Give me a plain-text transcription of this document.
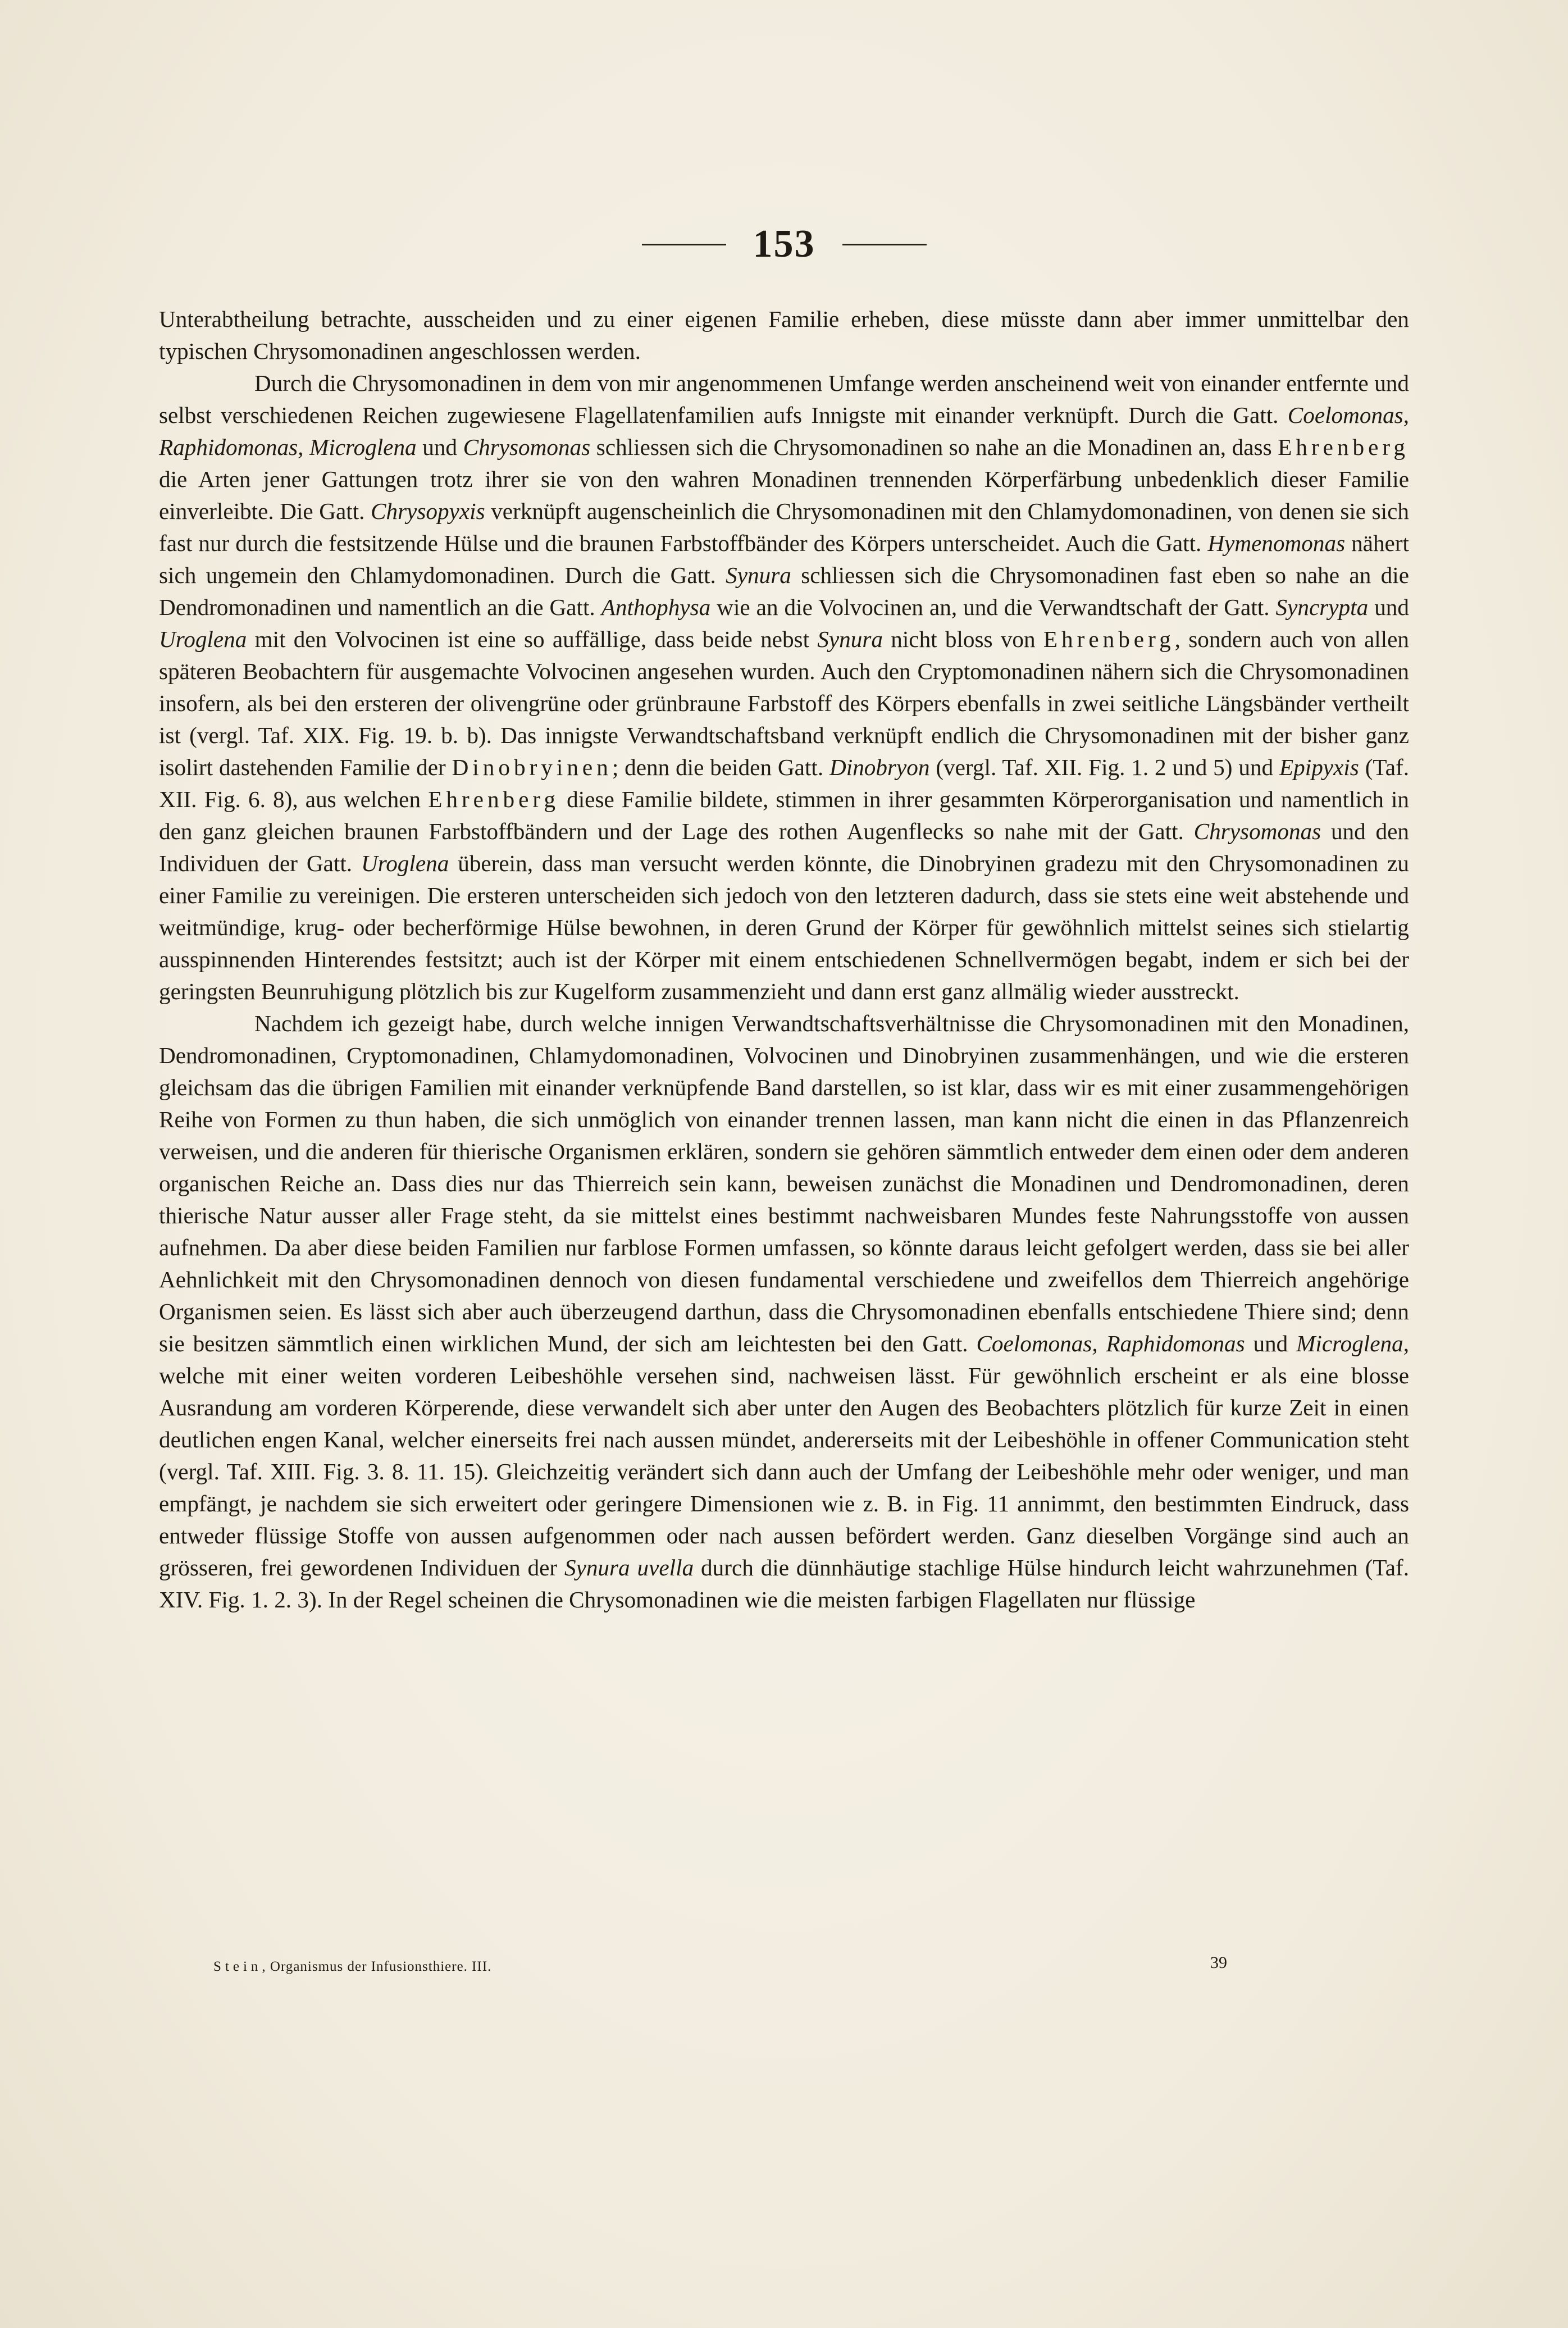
153

Unterabtheilung betrachte, ausscheiden und zu einer eigenen Familie erheben, diese müsste dann aber immer unmittelbar den typischen Chrysomonadinen angeschlossen werden.

Durch die Chrysomonadinen in dem von mir angenommenen Umfange werden anscheinend weit von einander entfernte und selbst verschiedenen Reichen zugewiesene Flagellatenfamilien aufs Innigste mit einander verknüpft. Durch die Gatt. Coelomonas, Raphidomonas, Microglena und Chrysomonas schliessen sich die Chrysomonadinen so nahe an die Monadinen an, dass Ehrenberg die Arten jener Gattungen trotz ihrer sie von den wahren Monadinen trennenden Körperfärbung unbedenklich dieser Familie einverleibte. Die Gatt. Chrysopyxis verknüpft augenscheinlich die Chrysomonadinen mit den Chlamydomonadinen, von denen sie sich fast nur durch die festsitzende Hülse und die braunen Farbstoffbänder des Körpers unterscheidet. Auch die Gatt. Hymenomonas nähert sich ungemein den Chlamydomonadinen. Durch die Gatt. Synura schliessen sich die Chrysomonadinen fast eben so nahe an die Dendromonadinen und namentlich an die Gatt. Anthophysa wie an die Volvocinen an, und die Verwandtschaft der Gatt. Syncrypta und Uroglena mit den Volvocinen ist eine so auffällige, dass beide nebst Synura nicht bloss von Ehrenberg, sondern auch von allen späteren Beobachtern für ausgemachte Volvocinen angesehen wurden. Auch den Cryptomonadinen nähern sich die Chrysomonadinen insofern, als bei den ersteren der olivengrüne oder grünbraune Farbstoff des Körpers ebenfalls in zwei seitliche Längsbänder vertheilt ist (vergl. Taf. XIX. Fig. 19. b. b). Das innigste Verwandtschaftsband verknüpft endlich die Chrysomonadinen mit der bisher ganz isolirt dastehenden Familie der Dinobryinen; denn die beiden Gatt. Dinobryon (vergl. Taf. XII. Fig. 1. 2 und 5) und Epipyxis (Taf. XII. Fig. 6. 8), aus welchen Ehrenberg diese Familie bildete, stimmen in ihrer gesammten Körperorganisation und namentlich in den ganz gleichen braunen Farbstoffbändern und der Lage des rothen Augenflecks so nahe mit der Gatt. Chrysomonas und den Individuen der Gatt. Uroglena überein, dass man versucht werden könnte, die Dinobryinen gradezu mit den Chrysomonadinen zu einer Familie zu vereinigen. Die ersteren unterscheiden sich jedoch von den letzteren dadurch, dass sie stets eine weit abstehende und weitmündige, krug- oder becherförmige Hülse bewohnen, in deren Grund der Körper für gewöhnlich mittelst seines sich stielartig ausspinnenden Hinterendes festsitzt; auch ist der Körper mit einem entschiedenen Schnellvermögen begabt, indem er sich bei der geringsten Beunruhigung plötzlich bis zur Kugelform zusammenzieht und dann erst ganz allmälig wieder ausstreckt.

Nachdem ich gezeigt habe, durch welche innigen Verwandtschaftsverhältnisse die Chrysomonadinen mit den Monadinen, Dendromonadinen, Cryptomonadinen, Chlamydomonadinen, Volvocinen und Dinobryinen zusammenhängen, und wie die ersteren gleichsam das die übrigen Familien mit einander verknüpfende Band darstellen, so ist klar, dass wir es mit einer zusammengehörigen Reihe von Formen zu thun haben, die sich unmöglich von einander trennen lassen, man kann nicht die einen in das Pflanzenreich verweisen, und die anderen für thierische Organismen erklären, sondern sie gehören sämmtlich entweder dem einen oder dem anderen organischen Reiche an. Dass dies nur das Thierreich sein kann, beweisen zunächst die Monadinen und Dendromonadinen, deren thierische Natur ausser aller Frage steht, da sie mittelst eines bestimmt nachweisbaren Mundes feste Nahrungsstoffe von aussen aufnehmen. Da aber diese beiden Familien nur farblose Formen umfassen, so könnte daraus leicht gefolgert werden, dass sie bei aller Aehnlichkeit mit den Chrysomonadinen dennoch von diesen fundamental verschiedene und zweifellos dem Thierreich angehörige Organismen seien. Es lässt sich aber auch überzeugend darthun, dass die Chrysomonadinen ebenfalls entschiedene Thiere sind; denn sie besitzen sämmtlich einen wirklichen Mund, der sich am leichtesten bei den Gatt. Coelomonas, Raphidomonas und Microglena, welche mit einer weiten vorderen Leibeshöhle versehen sind, nachweisen lässt. Für gewöhnlich erscheint er als eine blosse Ausrandung am vorderen Körperende, diese verwandelt sich aber unter den Augen des Beobachters plötzlich für kurze Zeit in einen deutlichen engen Kanal, welcher einerseits frei nach aussen mündet, andererseits mit der Leibeshöhle in offener Communication steht (vergl. Taf. XIII. Fig. 3. 8. 11. 15). Gleichzeitig verändert sich dann auch der Umfang der Leibeshöhle mehr oder weniger, und man empfängt, je nachdem sie sich erweitert oder geringere Dimensionen wie z. B. in Fig. 11 annimmt, den bestimmten Eindruck, dass entweder flüssige Stoffe von aussen aufgenommen oder nach aussen befördert werden. Ganz dieselben Vorgänge sind auch an grösseren, frei gewordenen Individuen der Synura uvella durch die dünnhäutige stachlige Hülse hindurch leicht wahrzunehmen (Taf. XIV. Fig. 1. 2. 3). In der Regel scheinen die Chrysomonadinen wie die meisten farbigen Flagellaten nur flüssige

Stein, Organismus der Infusionsthiere. III.	39
